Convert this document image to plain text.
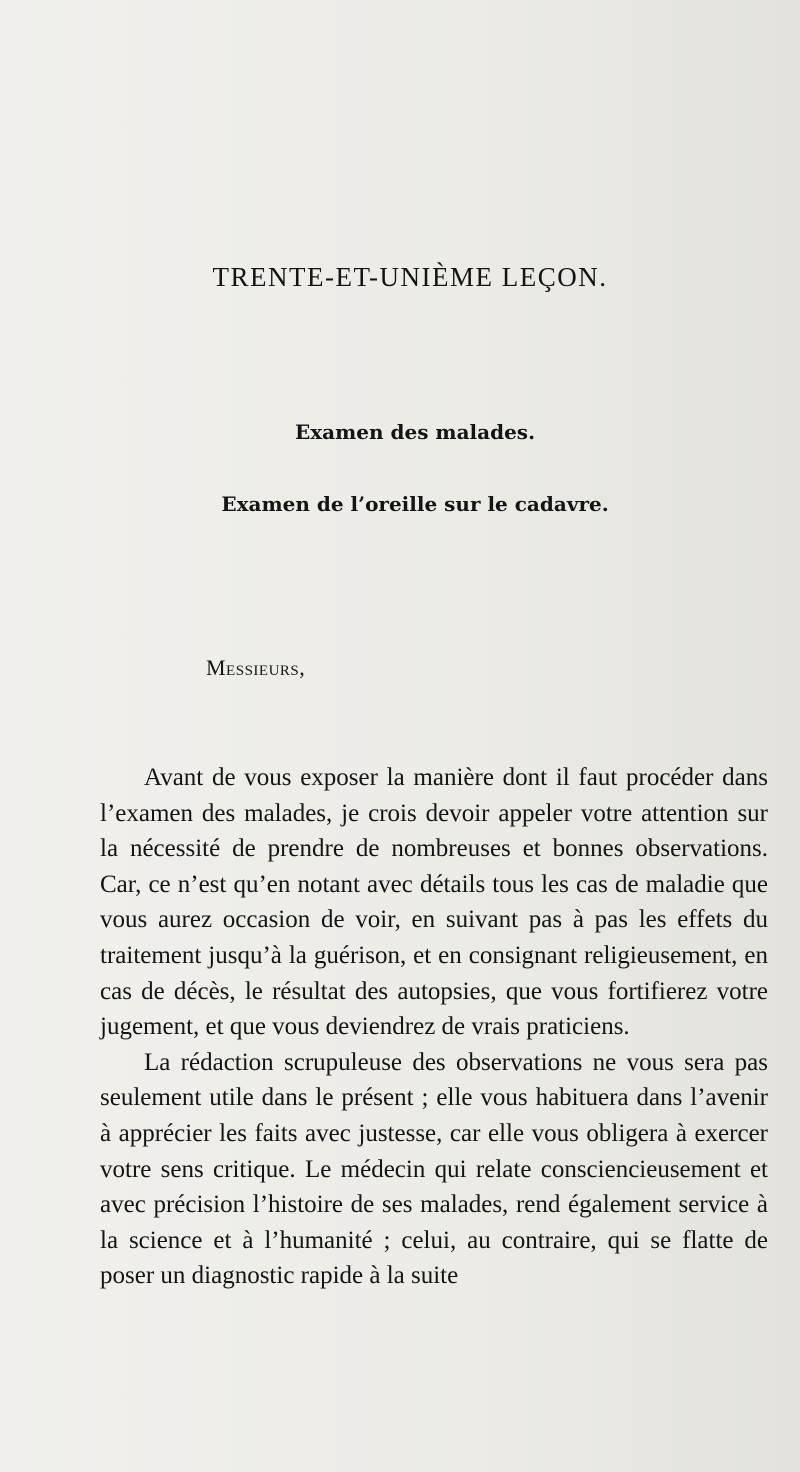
TRENTE-ET-UNIÈME LEÇON.
Examen des malades.
Examen de l’oreille sur le cadavre.
Messieurs,

Avant de vous exposer la manière dont il faut procéder dans l’examen des malades, je crois devoir appeler votre attention sur la nécessité de prendre de nombreuses et bonnes observations. Car, ce n’est qu’en notant avec détails tous les cas de maladie que vous aurez occasion de voir, en suivant pas à pas les effets du traitement jusqu’à la guérison, et en consignant religieusement, en cas de décès, le résultat des autopsies, que vous fortifierez votre jugement, et que vous deviendrez de vrais praticiens.

La rédaction scrupuleuse des observations ne vous sera pas seulement utile dans le présent ; elle vous habituera dans l’avenir à apprécier les faits avec justesse, car elle vous obligera à exercer votre sens critique. Le médecin qui relate consciencieusement et avec précision l’histoire de ses malades, rend également service à la science et à l’humanité ; celui, au contraire, qui se flatte de poser un diagnostic rapide à la suite
